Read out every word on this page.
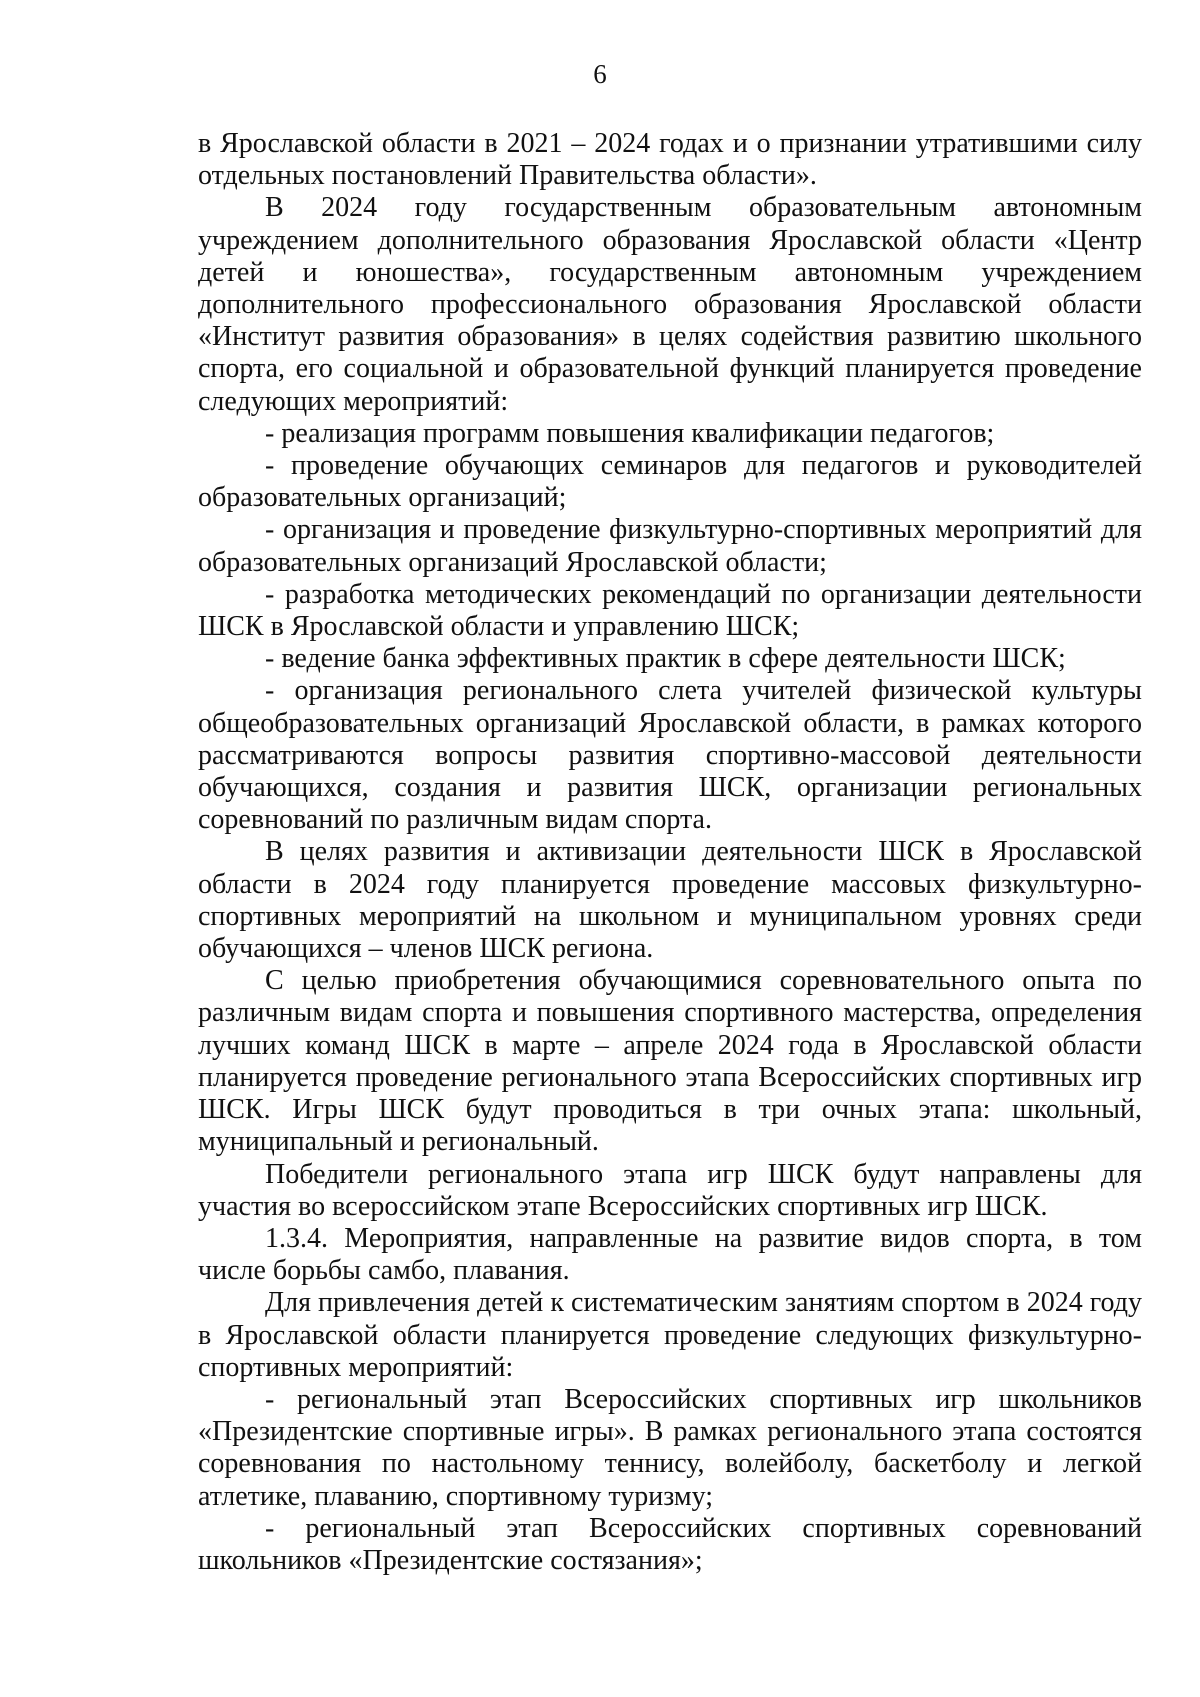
6

в Ярославской области в 2021 – 2024 годах и о признании утратившими силу отдельных постановлений Правительства области».

В 2024 году государственным образовательным автономным учреждением дополнительного образования Ярославской области «Центр детей и юношества», государственным автономным учреждением дополнительного профессионального образования Ярославской области «Институт развития образования» в целях содействия развитию школьного спорта, его социальной и образовательной функций планируется проведение следующих мероприятий:

- реализация программ повышения квалификации педагогов;

- проведение обучающих семинаров для педагогов и руководителей образовательных организаций;

- организация и проведение физкультурно-спортивных мероприятий для образовательных организаций Ярославской области;

- разработка методических рекомендаций по организации деятельности ШСК в Ярославской области и управлению ШСК;

- ведение банка эффективных практик в сфере деятельности ШСК;

- организация регионального слета учителей физической культуры общеобразовательных организаций Ярославской области, в рамках которого рассматриваются вопросы развития спортивно-массовой деятельности обучающихся, создания и развития ШСК, организации региональных соревнований по различным видам спорта.

В целях развития и активизации деятельности ШСК в Ярославской области в 2024 году планируется проведение массовых физкультурно-спортивных мероприятий на школьном и муниципальном уровнях среди обучающихся – членов ШСК региона.

С целью приобретения обучающимися соревновательного опыта по различным видам спорта и повышения спортивного мастерства, определения лучших команд ШСК в марте – апреле 2024 года в Ярославской области планируется проведение регионального этапа Всероссийских спортивных игр ШСК. Игры ШСК будут проводиться в три очных этапа: школьный, муниципальный и региональный.

Победители регионального этапа игр ШСК будут направлены для участия во всероссийском этапе Всероссийских спортивных игр ШСК.

1.3.4. Мероприятия, направленные на развитие видов спорта, в том числе борьбы самбо, плавания.

Для привлечения детей к систематическим занятиям спортом в 2024 году в Ярославской области планируется проведение следующих физкультурно-спортивных мероприятий:

- региональный этап Всероссийских спортивных игр школьников «Президентские спортивные игры». В рамках регионального этапа состоятся соревнования по настольному теннису, волейболу, баскетболу и легкой атлетике, плаванию, спортивному туризму;

- региональный этап Всероссийских спортивных соревнований школьников «Президентские состязания»;
